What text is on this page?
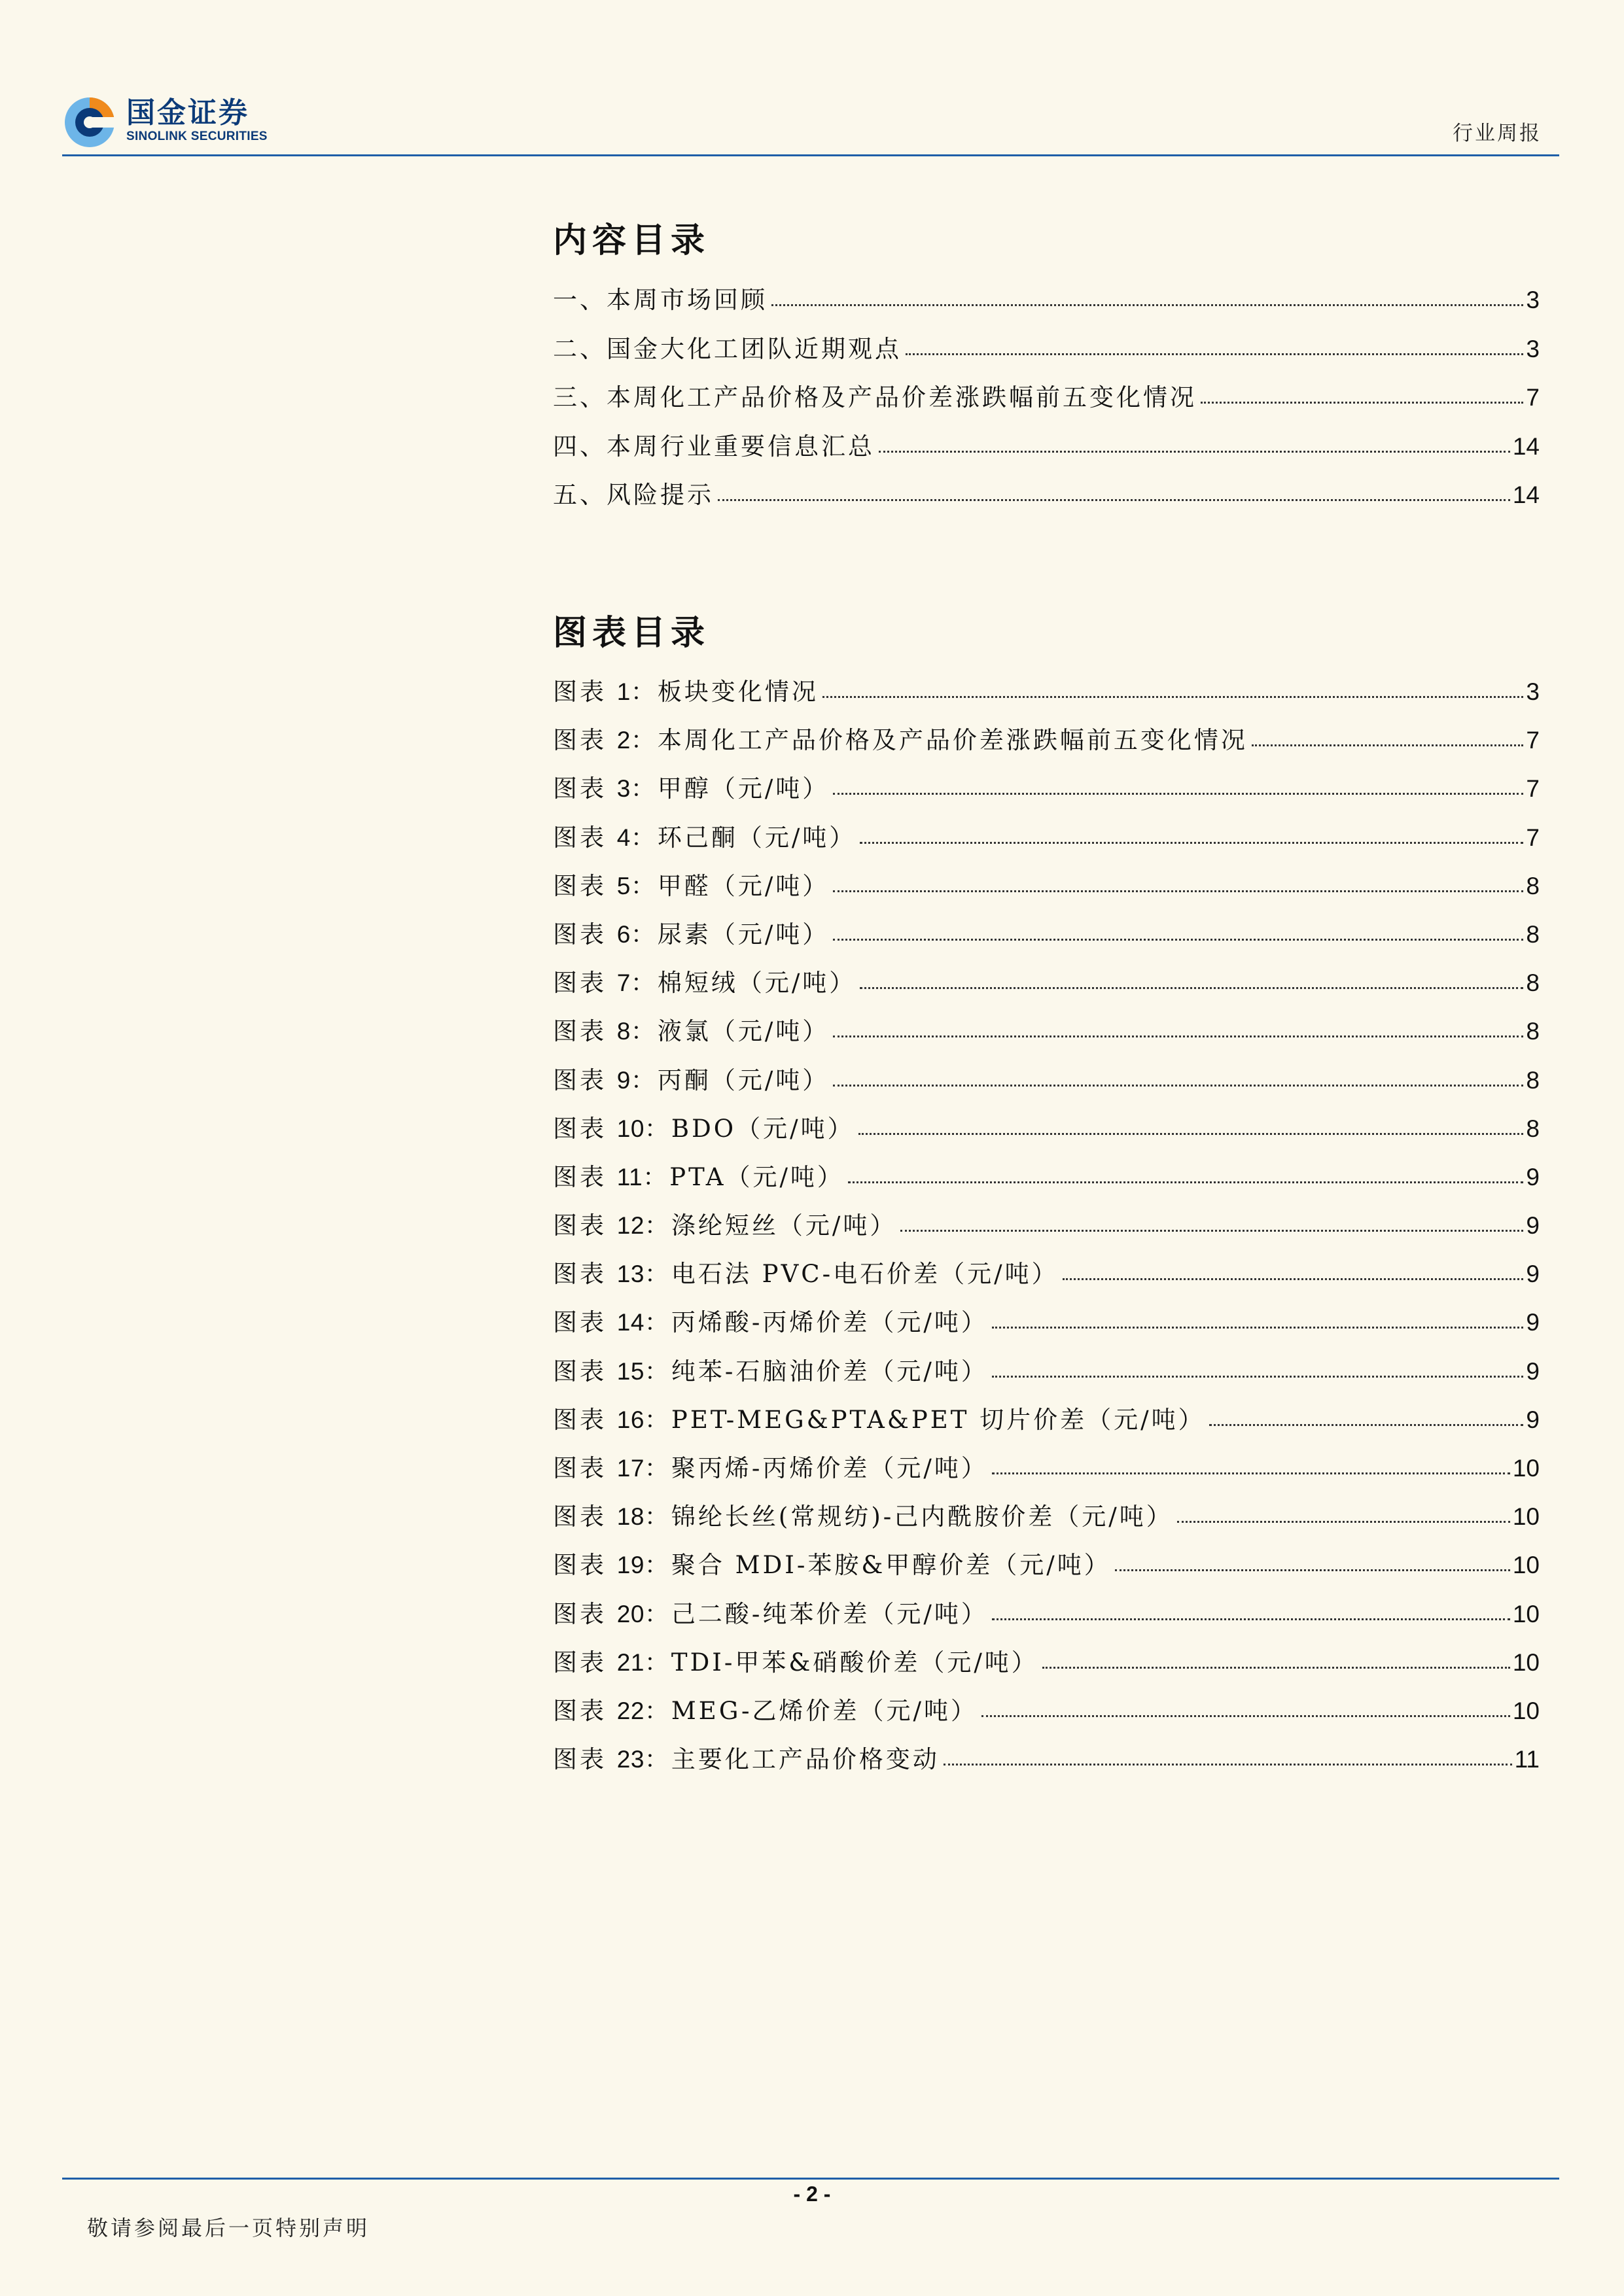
国金证券
SINOLINK SECURITIES	行业周报
内容目录
一、本周市场回顾	3
二、国金大化工团队近期观点	3
三、本周化工产品价格及产品价差涨跌幅前五变化情况	7
四、本周行业重要信息汇总	14
五、风险提示	14
图表目录
图表 1：板块变化情况	3
图表 2：本周化工产品价格及产品价差涨跌幅前五变化情况	7
图表 3：甲醇（元/吨）	7
图表 4：环己酮（元/吨）	7
图表 5：甲醛（元/吨）	8
图表 6：尿素（元/吨）	8
图表 7：棉短绒（元/吨）	8
图表 8：液氯（元/吨）	8
图表 9：丙酮（元/吨）	8
图表 10：BDO（元/吨）	8
图表 11：PTA（元/吨）	9
图表 12：涤纶短丝（元/吨）	9
图表 13：电石法 PVC-电石价差（元/吨）	9
图表 14：丙烯酸-丙烯价差（元/吨）	9
图表 15：纯苯-石脑油价差（元/吨）	9
图表 16：PET-MEG&PTA&PET 切片价差（元/吨）	9
图表 17：聚丙烯-丙烯价差（元/吨）	10
图表 18：锦纶长丝(常规纺)-己内酰胺价差（元/吨）	10
图表 19：聚合 MDI-苯胺&甲醇价差（元/吨）	10
图表 20：己二酸-纯苯价差（元/吨）	10
图表 21：TDI-甲苯&硝酸价差（元/吨）	10
图表 22：MEG-乙烯价差（元/吨）	10
图表 23：主要化工产品价格变动	11
- 2 -
敬请参阅最后一页特别声明
